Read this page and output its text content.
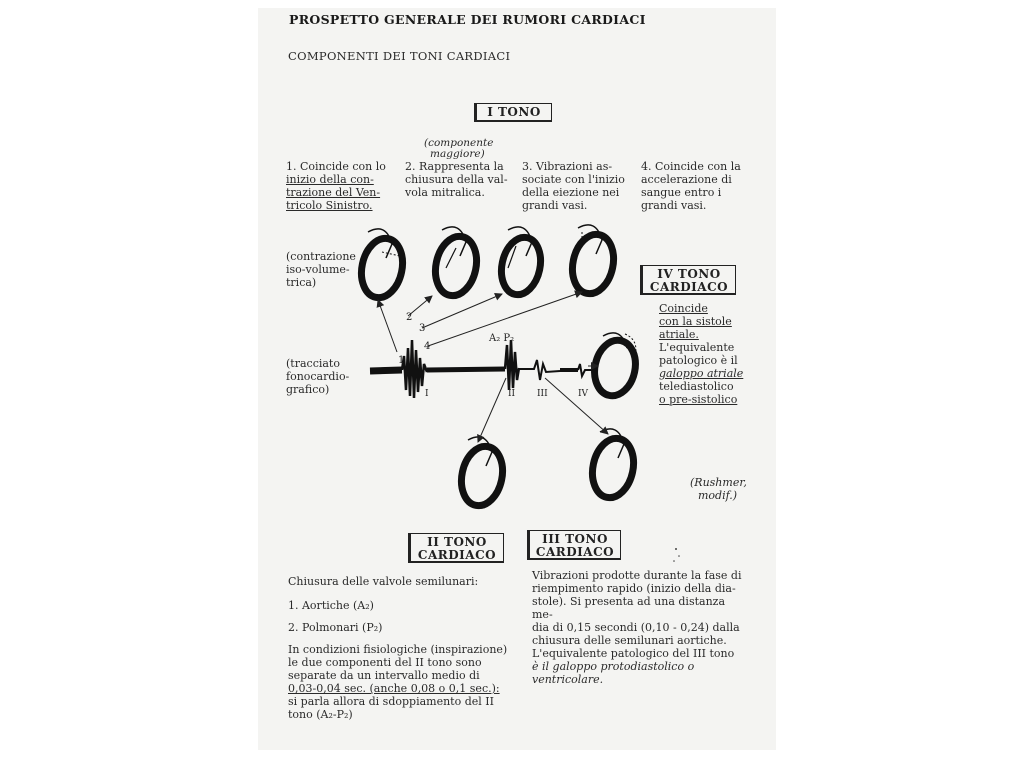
PROSPETTO GENERALE DEI RUMORI CARDIACI
COMPONENTI DEI TONI CARDIACI
I TONO
(componente
maggiore)
1. Coincide con lo
inizio della con-
trazione del Ven-
tricolo Sinistro.
2. Rappresenta la
chiusura della val-
vola mitralica.
3. Vibrazioni as-
sociate con l'inizio
della eiezione nei
grandi vasi.
4. Coincide con la
accelerazione di
sangue entro i
grandi vasi.
(contrazione
iso-volume-
trica)
(tracciato
fonocardio-
grafico)
IV TONO
CARDIACO
Coincide
con la sistole
atriale.
L'equivalente
patologico è il
galoppo atriale
telediastolico
o pre-sistolico
(Rushmer,
modif.)
1
2
3
4
A₂ P₂
I	II III	IV
II TONO
CARDIACO
III TONO
CARDIACO
Chiusura delle valvole semilunari:
1. Aortiche (A₂)
2. Polmonari (P₂)
In condizioni fisiologiche (inspirazione)
le due componenti del II tono sono
separate da un intervallo medio di
0,03-0,04 sec. (anche 0,08 o 0,1 sec.):
si parla allora di sdoppiamento del II
tono (A₂-P₂)
Vibrazioni prodotte durante la fase di
riempimento rapido (inizio della dia-
stole). Si presenta ad una distanza me-
dia di 0,15 secondi (0,10 - 0,24) dalla
chiusura delle semilunari aortiche.
L'equivalente patologico del III tono
è il galoppo protodiastolico o ventricolare.
